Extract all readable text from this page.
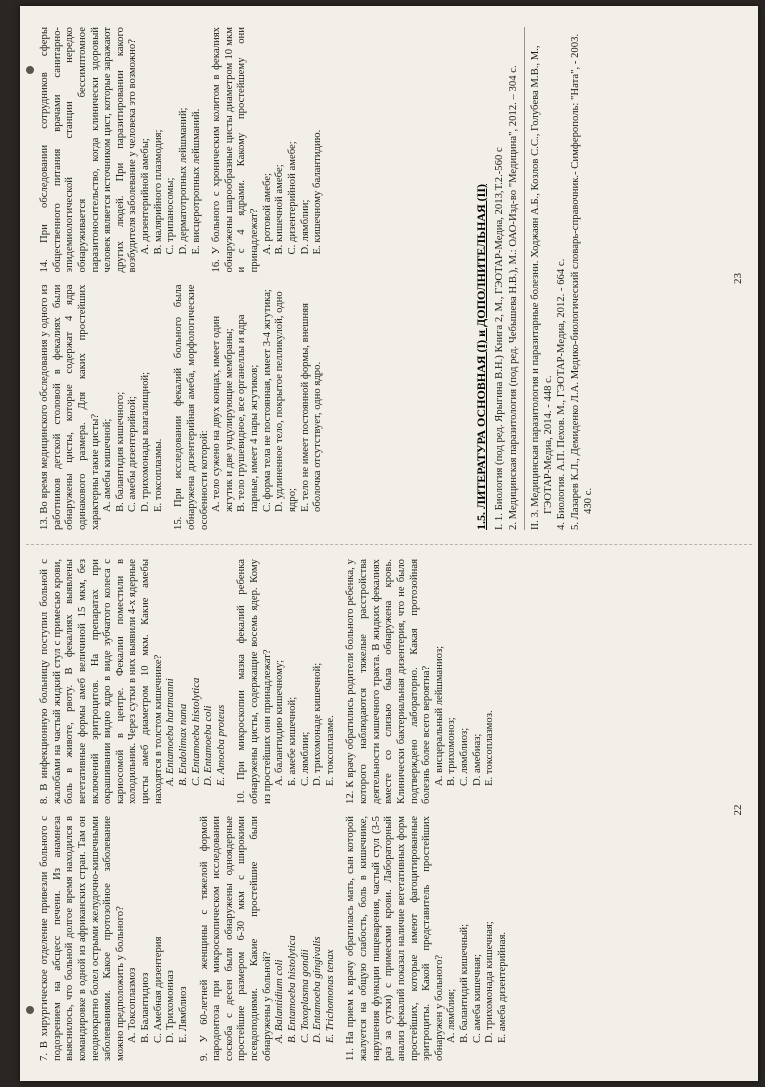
7. В хирургическое отделение привезли больного с подозрением на абсцесс печени. Из анамнеза выяснилось, что больной долгое время находился в командировке в одной из африканских стран. Там он неоднократно болел острыми желудочно-кишечными заболеваниями. Какое протозойное заболевание можно предположить у больного? А. Токсоплазмоз В. Балантидиоз С. Амебная дизентерия D. Трихомониаз Е. Лямблиоз 9. У 60-летней женщины с тяжелой формой пародонтоза при микроскопическом исследовании соскоба с десен были обнаружены одноядерные простейшие размером 6-30 мкм с широкими псевдоподиями. Какие простейшие были обнаружены у больной? А. Balantidium coli В. Entamoeba histolytica С. Toxoplasma gondii D. Entamoeba gingivalis Е. Trichomonas tenax 11. На прием к врачу обратилась мать, сын которой жалуется на общую слабость, боль в кишечнике, нарушения функции пищеварения, частый стул (3-5 раз за сутки) с примесями крови. Лабораторный анализ фекалий показал наличие вегетативных форм простейших, которые имеют фагоцитированные эритроциты. Какой представитель простейших обнаружен у больного? А. лямблия; В. балантидий кишечный; С. амеба кишечная; D. трихомонада кишечная; Е. амеба дизентерийная.
8. В инфекционную больницу поступил больной с жалобами на частый жидкий стул с примесью крови, боль в животе, рвоту. В фекалиях выявлены вегетативные формы амеб величиной 15 мкм, без включений эритроцитов. На препаратах при окрашивании видно ядро в виде зубчатого колеса с кариосомой в центре. Фекалии поместили в холодильник. Через сутки в них выявили 4-х ядерные цисты амеб диаметром 10 мкм. Какие амебы находятся в толстом кишечнике? А. Entamoeba hartmanni В. Endolimax nana С. Entamoeba histolytica D. Entamoeba coli Е. Amoeba proteus 10. При микроскопии мазка фекалий ребенка обнаружены цисты, содержащие восемь ядер. Кому из простейших они принадлежат? А. балантидию кишечному; Б. амебе кишечной; С. лямблии; D. трихомонаде кишечной; Е. токсоплазме. 12. К врачу обратились родители больного ребенка, у которого наблюдаются тяжелые расстройства деятельности кишечного тракта. В жидких фекалиях вместе со слизью была обнаружена кровь. Клинически бактериальная дизентерия, что не было подтверждено лабораторно. Какая протозойная болезнь более всего вероятна? А. висцеральный лейшманиоз; В. трихомоноз; С. лямблиоз; D. амебиаз; Е. токсоплазмоз.
22
13. Во время медицинского обследования у одного из работников детской столовой в фекалиях были обнаружены цисты, которые содержат 4 ядра одинакового размера. Для каких простейших характерны такие цисты? А. амебы кишечной; В. балантидия кишечного; С. амебы дизентерийной; D. трихомонады влагалищной; Е. токсоплазмы. 15. При исследовании фекалий больного была обнаружена дизентерийная амеба, морфологические особенности которой: А. тело сужено на двух концах, имеет один жгутик и две ундулирующие мембраны; В. тело грушевидное, все органеллы и ядра парные, имеет 4 пары жгутиков; С. форма тела не постоянная, имеет 3-4 жгутика; D. удлиненное тело, покрытое пелликулой, одно ядро; Е. тело не имеет постоянной формы, внешняя оболочка отсутствует, одно ядро.
14. При обследовании сотрудников сферы общественного питания врачами санитарно-эпидемиологической станции нередко обнаруживается бессимптомное паразитоносительство, когда клинически здоровый человек является источником цист, которые заражают других людей. При паразитировании какого возбудителя заболевание у человека это возможно? А. дизентерийной амебы; В. малярийного плазмодия; С. трипаносомы; D. дерматотропных лейшманий; Е. висцеротропных лейшманий. 16. У больного с хроническим колитом в фекалиях обнаружены шарообразные цисты диаметром 10 мкм и с 4 ядрами. Какому простейшему они принадлежат? А. ротовой амебе; В. кишечной амебе; С. дизентерийной амебе; D. лямблии; Е. кишечному балантидию.	1.5. ЛИТЕРАТУРА ОСНОВНАЯ (I) и ДОПОЛНИТЕЛЬНАЯ (II) I. 1. Биология (под ред. Ярыгина В.Н.) Книга 2, М., ГЭОТАР-Медиа, 2013,Т.2.-560 с 2. Медицинская паразитология (под ред. Чебышева Н.В.), М.: ОАО-Изд-во "Медицина", 2012. – 304 с. II. 3. Медицинская паразитология и паразитарные болезни. Ходжаян А.Б., Козлов С.С., Голубева М.В., М., ГЭОТАР-Медиа, 2014. - 448 с. 4. Биология. А.П. Пехов. М., ГЭОТАР-Медиа, 2012. - 664 с. 5. Лазарев К.Л., Демиденко Л.А. Медико-биологический словарь-справочник.- Симферополь: "Ната", - 2003. 430 с.
23
